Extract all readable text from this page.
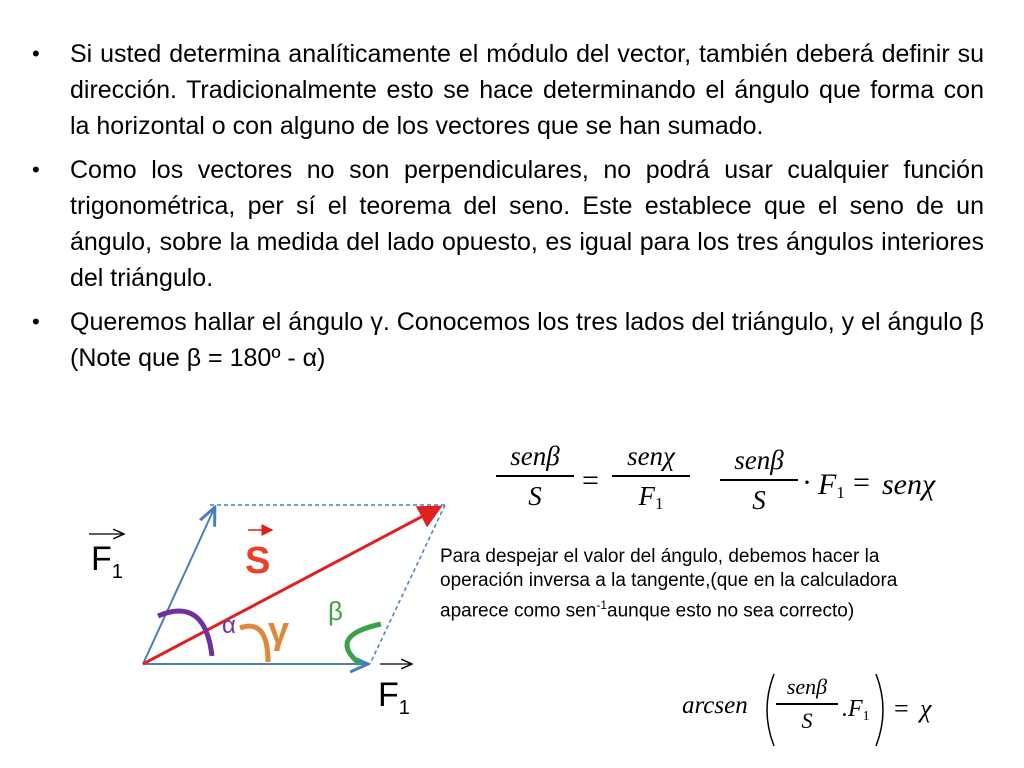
• Si usted determina analíticamente el módulo del vector, también deberá definir su dirección. Tradicionalmente esto se hace determinando el ángulo que forma con la horizontal o con alguno de los vectores que se han sumado.
• Como los vectores no son perpendiculares, no podrá usar cualquier función trigonométrica, per sí el teorema del seno. Este establece que el seno de un ángulo, sobre la medida del lado opuesto, es igual para los tres ángulos interiores del triángulo.
• Queremos hallar el ángulo γ. Conocemos los tres lados del triángulo, y el ángulo β (Note que β = 180º - α)
senβ
S	=
senχ
$F_1$
senβ
S
· $F_1 = sen\chi$
Para despejar el valor del ángulo, debemos hacer la operación inversa a la tangente,(que en la calculadora aparece como sen$^{-1}$aunque esto no sea correcto)
arcsen
senβ
S	$.F_1 = \chi$
$F_1$	S
α γ β
$F_1$
